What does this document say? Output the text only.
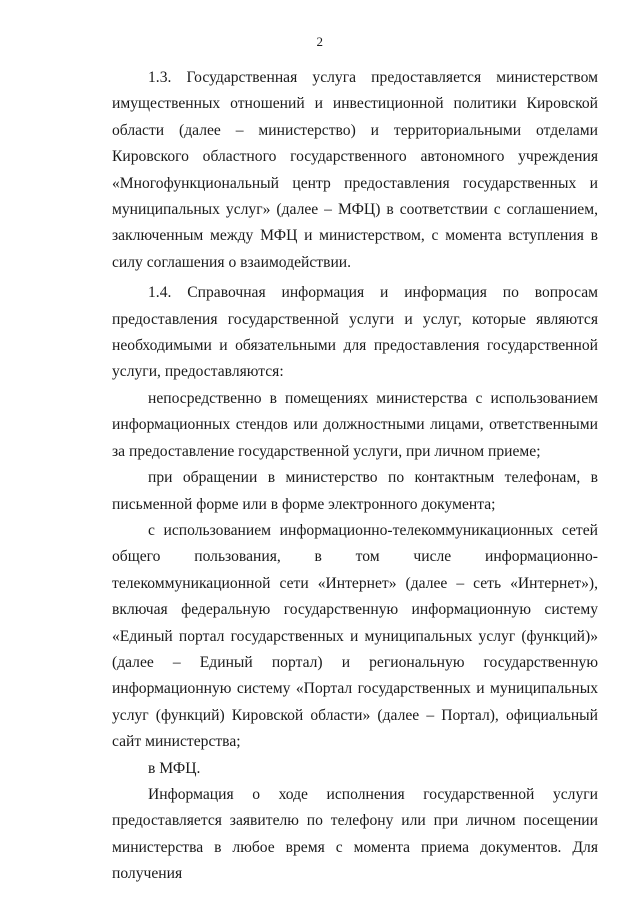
2

1.3. Государственная услуга предоставляется министерством имущественных отношений и инвестиционной политики Кировской области (далее – министерство) и территориальными отделами Кировского областного государственного автономного учреждения «Многофункциональный центр предоставления государственных и муниципальных услуг» (далее – МФЦ) в соответствии с соглашением, заключенным между МФЦ и министерством, с момента вступления в силу соглашения о взаимодействии.

1.4. Справочная информация и информация по вопросам предоставления государственной услуги и услуг, которые являются необходимыми и обязательными для предоставления государственной услуги, предоставляются:

непосредственно в помещениях министерства с использованием информационных стендов или должностными лицами, ответственными за предоставление государственной услуги, при личном приеме;

при обращении в министерство по контактным телефонам, в письменной форме или в форме электронного документа;

с использованием информационно-телекоммуникационных сетей общего пользования, в том числе информационно-телекоммуникационной сети «Интернет» (далее – сеть «Интернет»), включая федеральную государственную информационную систему «Единый портал государственных и муниципальных услуг (функций)» (далее – Единый портал) и региональную государственную информационную систему «Портал государственных и муниципальных услуг (функций) Кировской области» (далее – Портал), официальный сайт министерства;

в МФЦ.

Информация о ходе исполнения государственной услуги предоставляется заявителю по телефону или при личном посещении министерства в любое время с момента приема документов. Для получения
